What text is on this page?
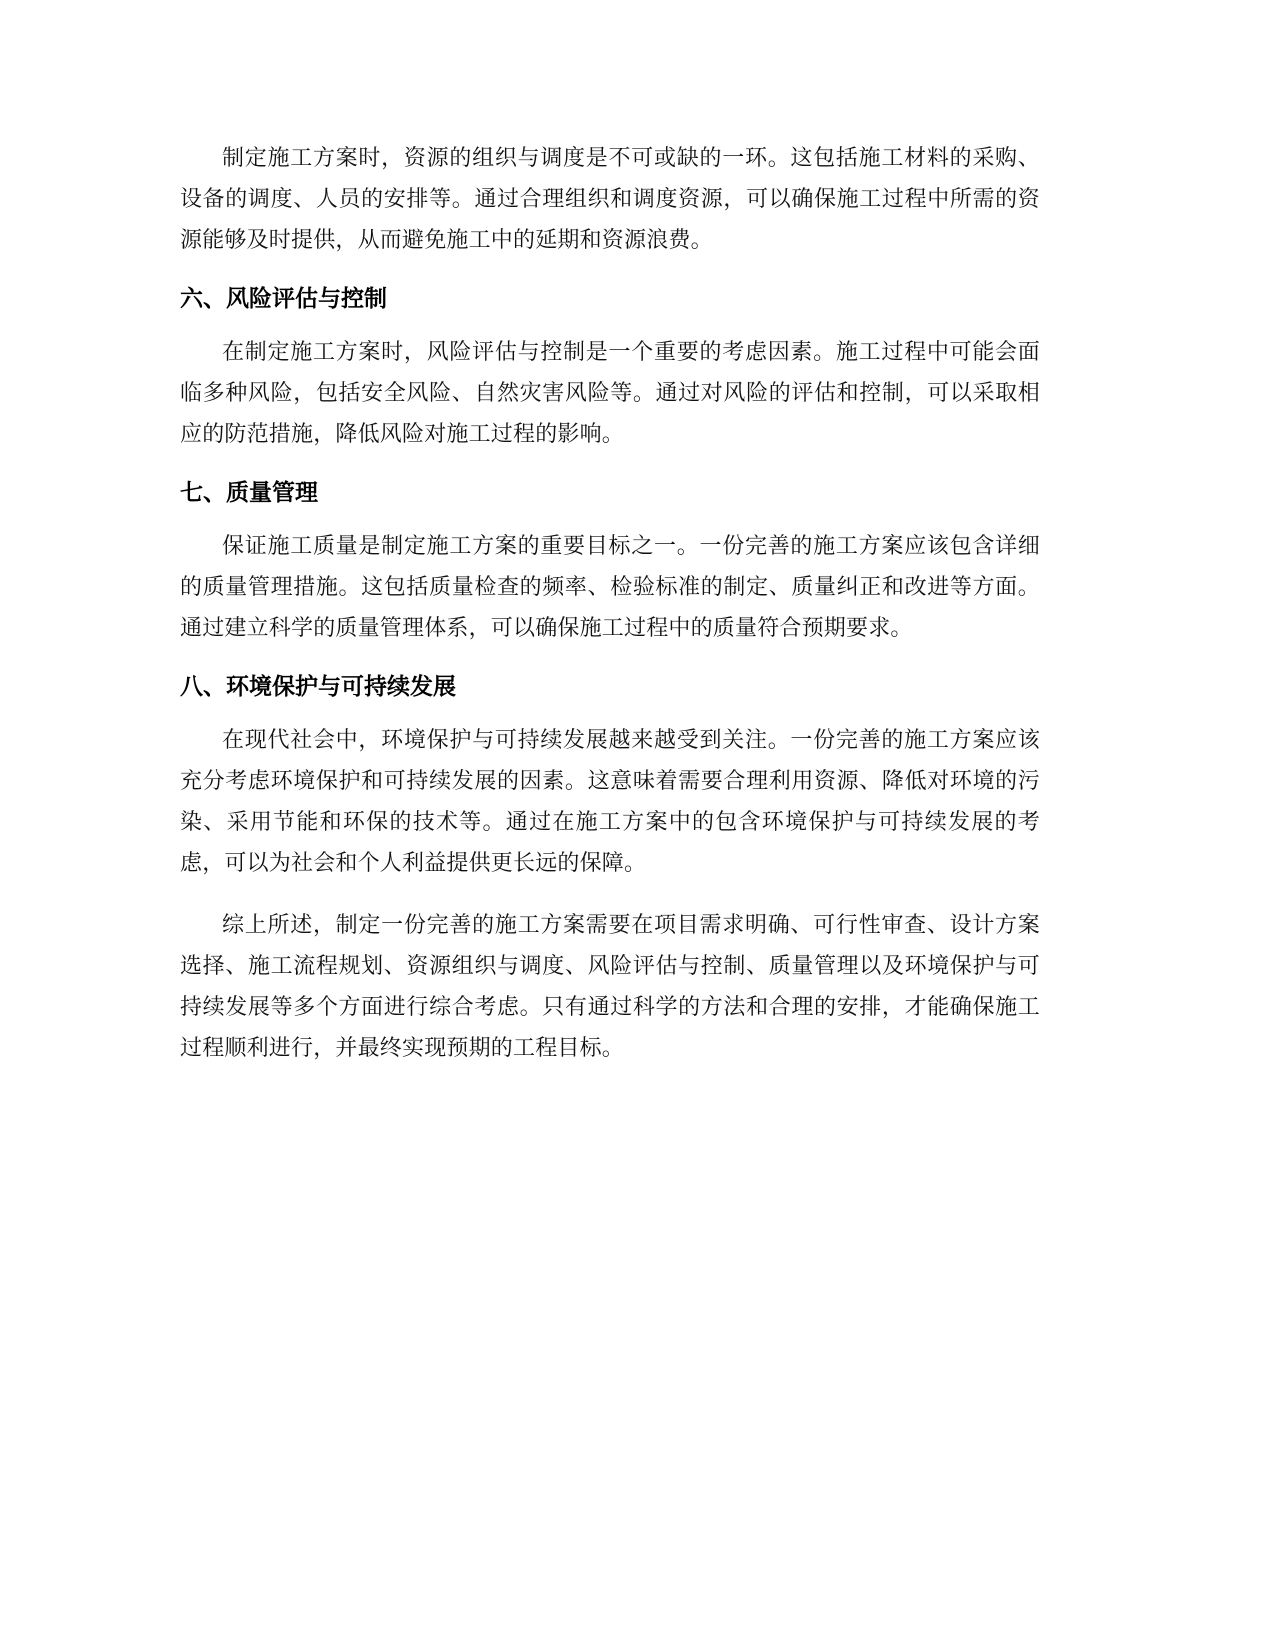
制定施工方案时，资源的组织与调度是不可或缺的一环。这包括施工材料的采购、设备的调度、人员的安排等。通过合理组织和调度资源，可以确保施工过程中所需的资源能够及时提供，从而避免施工中的延期和资源浪费。

六、风险评估与控制

在制定施工方案时，风险评估与控制是一个重要的考虑因素。施工过程中可能会面临多种风险，包括安全风险、自然灾害风险等。通过对风险的评估和控制，可以采取相应的防范措施，降低风险对施工过程的影响。

七、质量管理

保证施工质量是制定施工方案的重要目标之一。一份完善的施工方案应该包含详细的质量管理措施。这包括质量检查的频率、检验标准的制定、质量纠正和改进等方面。通过建立科学的质量管理体系，可以确保施工过程中的质量符合预期要求。

八、环境保护与可持续发展

在现代社会中，环境保护与可持续发展越来越受到关注。一份完善的施工方案应该充分考虑环境保护和可持续发展的因素。这意味着需要合理利用资源、降低对环境的污染、采用节能和环保的技术等。通过在施工方案中的包含环境保护与可持续发展的考虑，可以为社会和个人利益提供更长远的保障。

综上所述，制定一份完善的施工方案需要在项目需求明确、可行性审查、设计方案选择、施工流程规划、资源组织与调度、风险评估与控制、质量管理以及环境保护与可持续发展等多个方面进行综合考虑。只有通过科学的方法和合理的安排，才能确保施工过程顺利进行，并最终实现预期的工程目标。
